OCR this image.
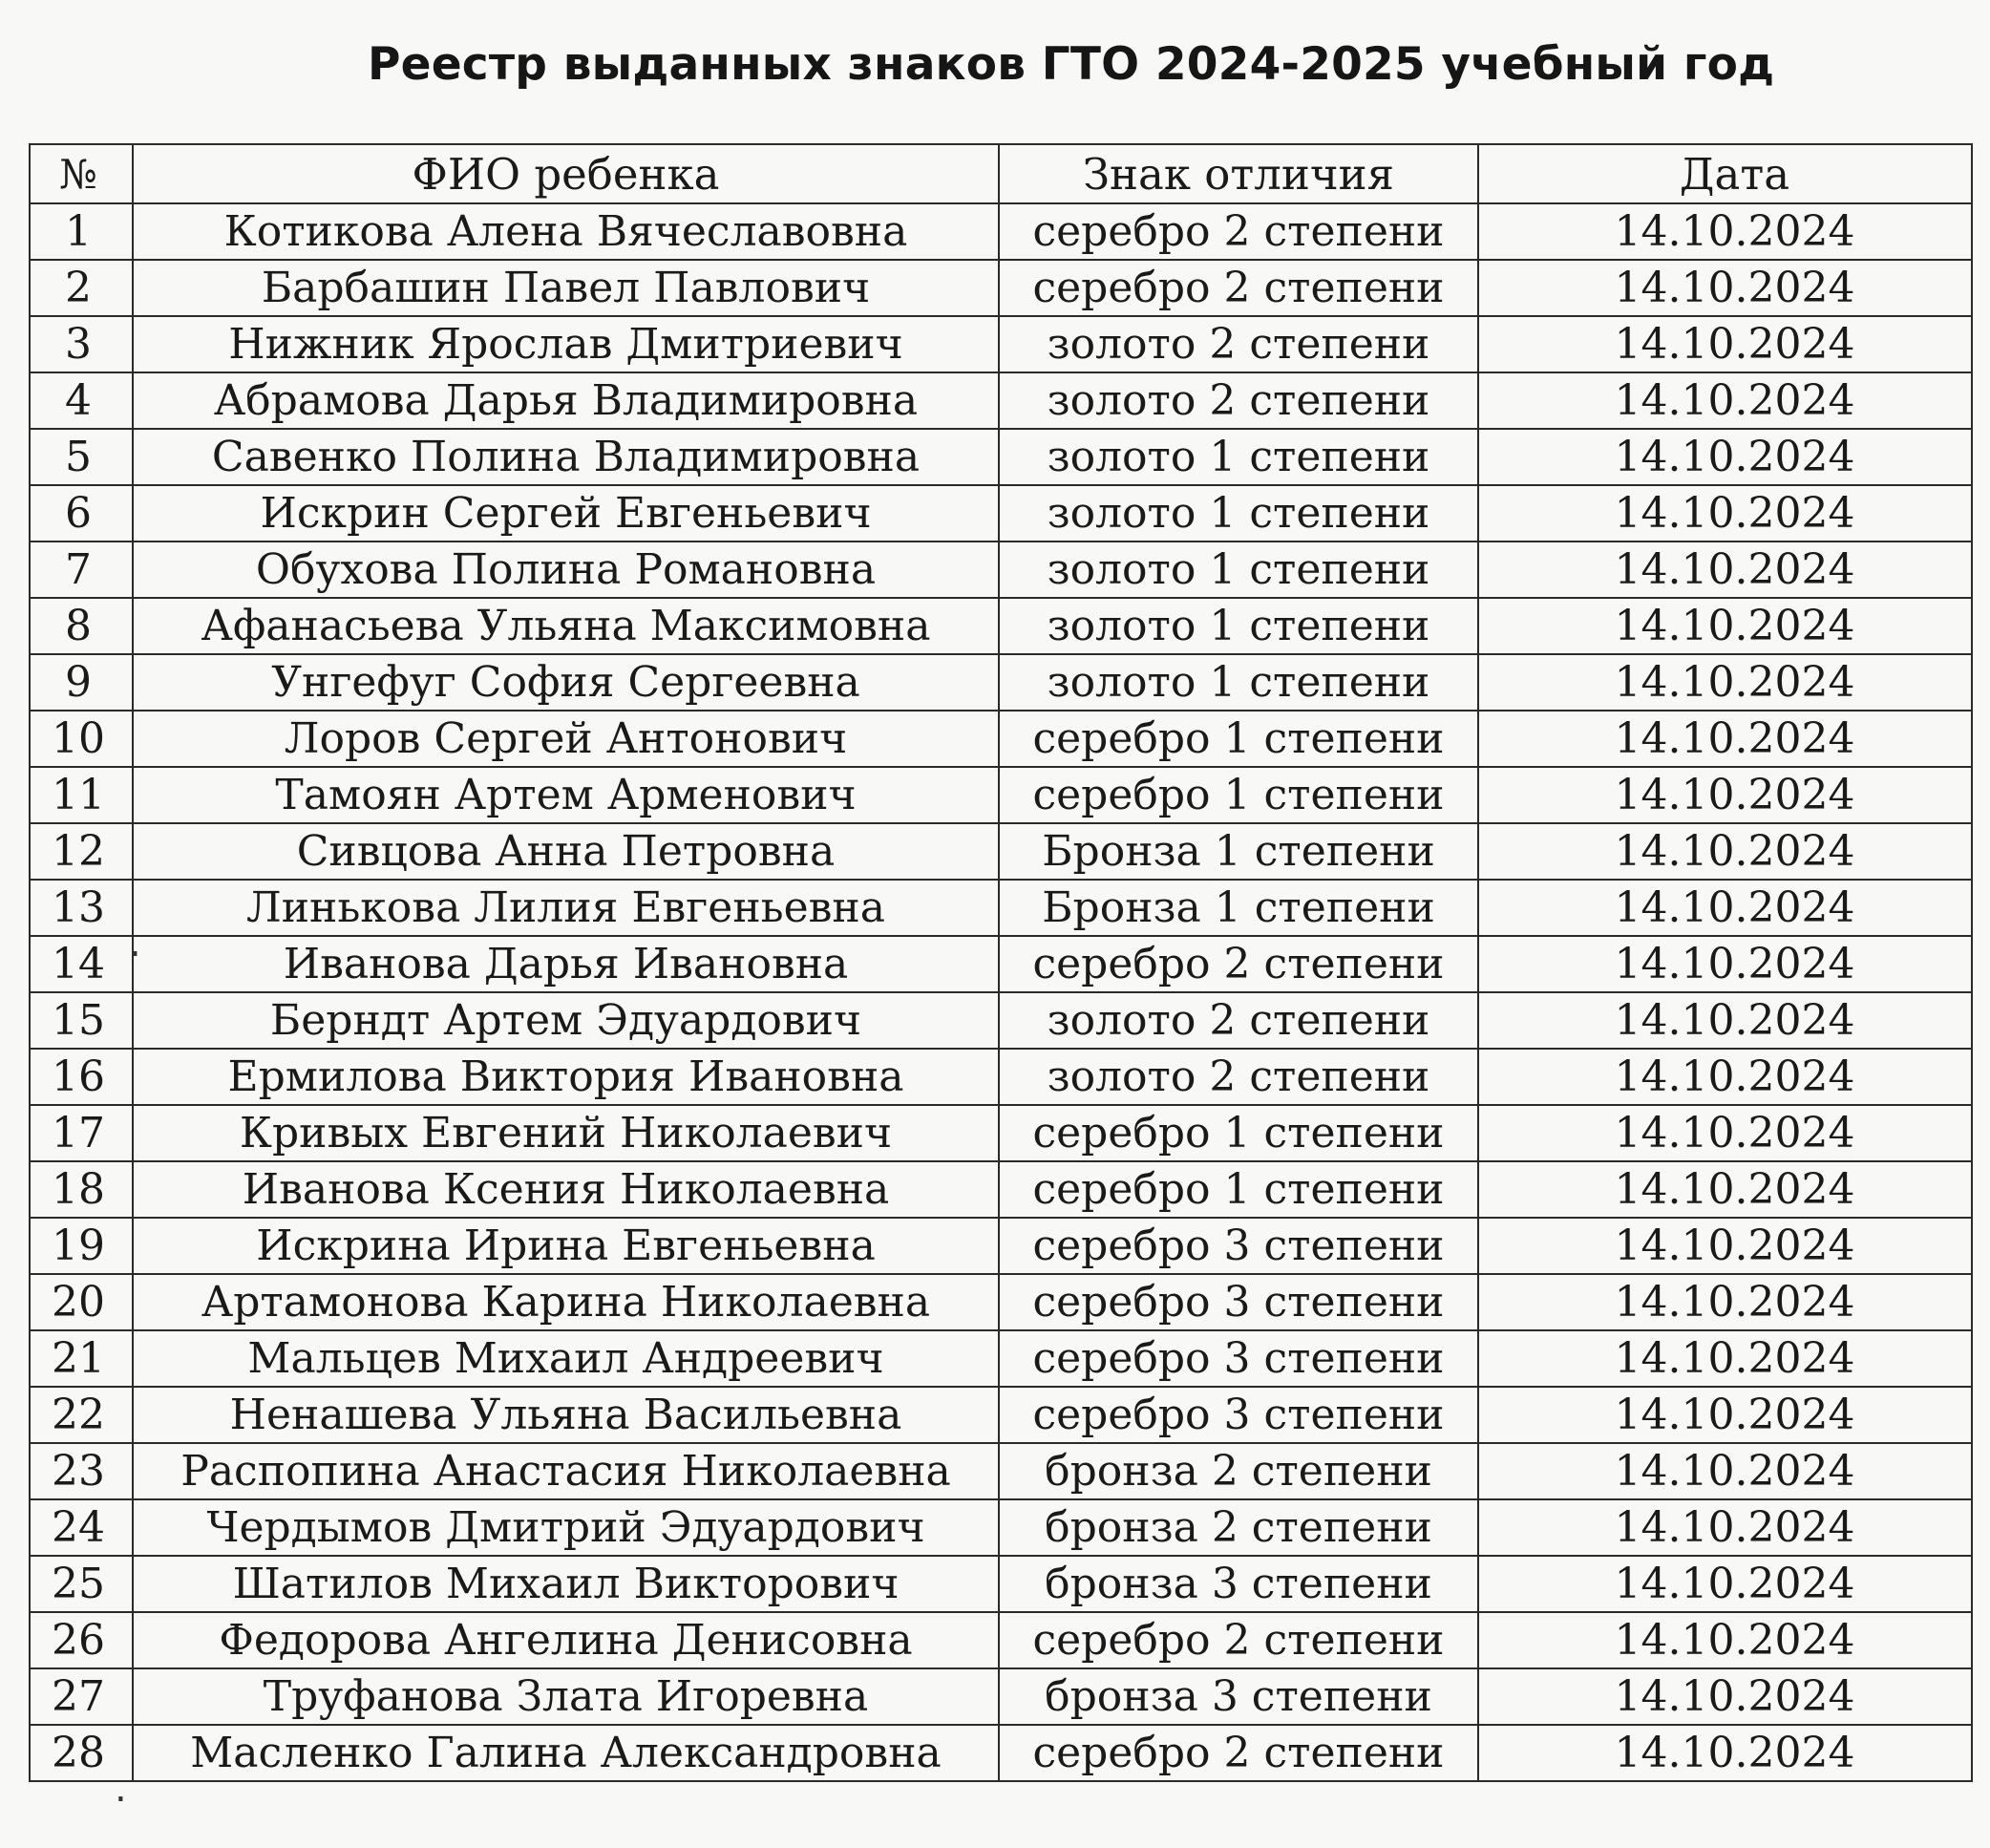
Реестр выданных знаков ГТО 2024-2025 учебный год
№	ФИО ребенка	Знак отличия	Дата
1	Котикова Алена Вячеславовна	серебро 2 степени	14.10.2024
2	Барбашин Павел Павлович	серебро 2 степени	14.10.2024
3	Нижник Ярослав Дмитриевич	золото 2 степени	14.10.2024
4	Абрамова Дарья Владимировна	золото 2 степени	14.10.2024
5	Савенко Полина Владимировна	золото 1 степени	14.10.2024
6	Искрин Сергей Евгеньевич	золото 1 степени	14.10.2024
7	Обухова Полина Романовна	золото 1 степени	14.10.2024
8	Афанасьева Ульяна Максимовна	золото 1 степени	14.10.2024
9	Унгефуг София Сергеевна	золото 1 степени	14.10.2024
10	Лоров Сергей Антонович	серебро 1 степени	14.10.2024
11	Тамоян Артем Арменович	серебро 1 степени	14.10.2024
12	Сивцова Анна Петровна	Бронза 1 степени	14.10.2024
13	Линькова Лилия Евгеньевна	Бронза 1 степени	14.10.2024
14	Иванова Дарья Ивановна	серебро 2 степени	14.10.2024
15	Берндт Артем Эдуардович	золото 2 степени	14.10.2024
16	Ермилова Виктория Ивановна	золото 2 степени	14.10.2024
17	Кривых Евгений Николаевич	серебро 1 степени	14.10.2024
18	Иванова Ксения Николаевна	серебро 1 степени	14.10.2024
19	Искрина Ирина Евгеньевна	серебро 3 степени	14.10.2024
20	Артамонова Карина Николаевна	серебро 3 степени	14.10.2024
21	Мальцев Михаил Андреевич	серебро 3 степени	14.10.2024
22	Ненашева Ульяна Васильевна	серебро 3 степени	14.10.2024
23	Распопина Анастасия Николаевна	бронза 2 степени	14.10.2024
24	Чердымов Дмитрий Эдуардович	бронза 2 степени	14.10.2024
25	Шатилов Михаил Викторович	бронза 3 степени	14.10.2024
26	Федорова Ангелина Денисовна	серебро 2 степени	14.10.2024
27	Труфанова Злата Игоревна	бронза 3 степени	14.10.2024
28	Масленко Галина Александровна	серебро 2 степени	14.10.2024
.
.
